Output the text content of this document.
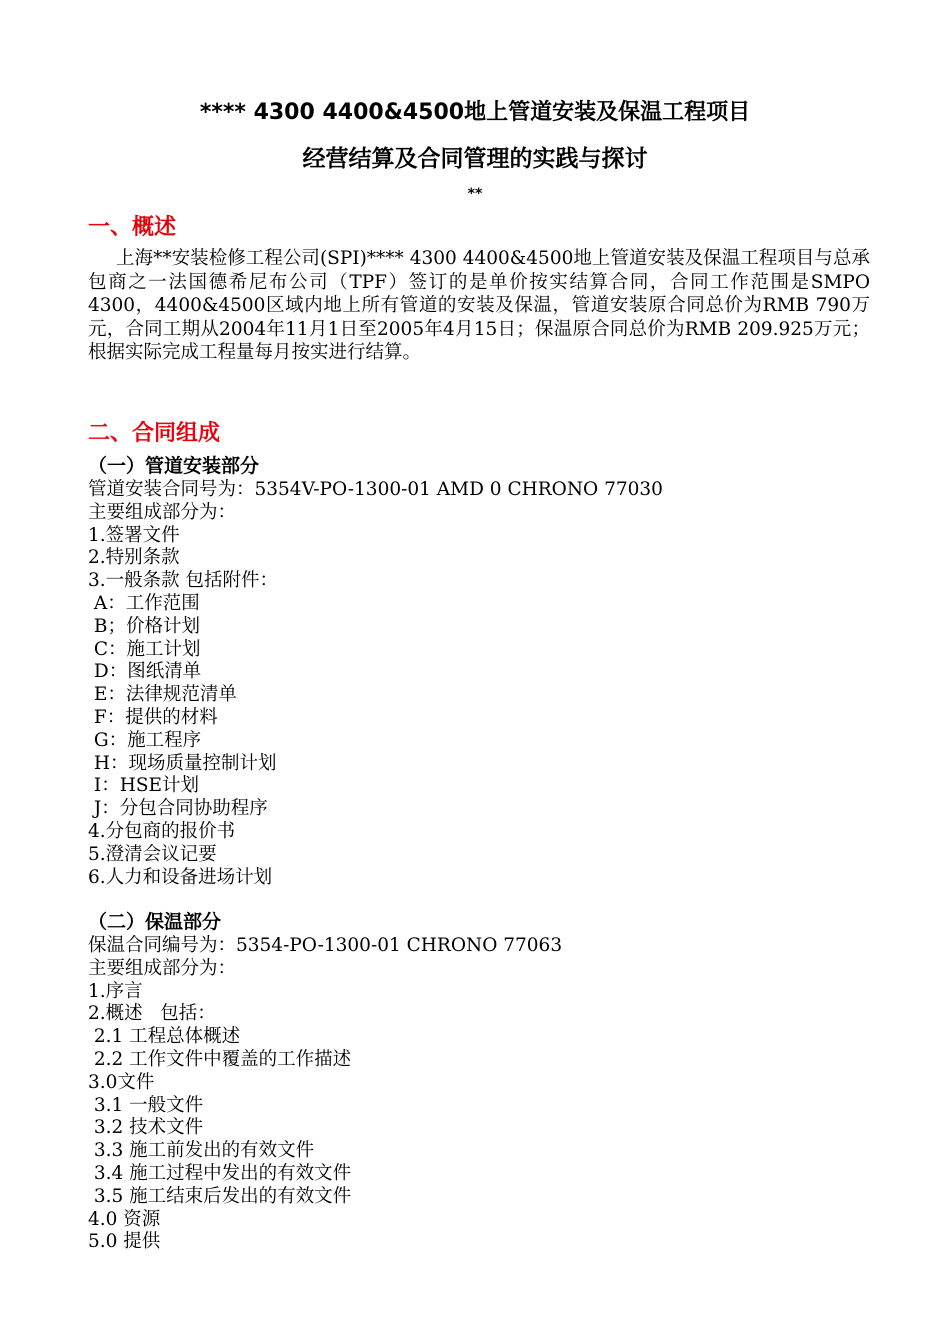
**** 4300 4400&4500地上管道安装及保温工程项目
经营结算及合同管理的实践与探讨
**
一、概述

上海**安装检修工程公司(SPI)**** 4300 4400&4500地上管道安装及保温工程项目与总承包商之一法国德希尼布公司（TPF）签订的是单价按实结算合同，合同工作范围是SMPO 4300，4400&4500区域内地上所有管道的安装及保温，管道安装原合同总价为RMB 790万元，合同工期从2004年11月1日至2005年4月15日；保温原合同总价为RMB 209.925万元；根据实际完成工程量每月按实进行结算。

二、合同组成
（一）管道安装部分
管道安装合同号为：5354V-PO-1300-01 AMD 0 CHRONO 77030
主要组成部分为：
1.签署文件
2.特别条款
3.一般条款 包括附件：
A：工作范围
B；价格计划
C：施工计划
D：图纸清单
E：法律规范清单
F：提供的材料
G：施工程序
H：现场质量控制计划
I：HSE计划
J：分包合同协助程序
4.分包商的报价书
5.澄清会议记要
6.人力和设备进场计划
（二）保温部分
保温合同编号为：5354-PO-1300-01 CHRONO 77063
主要组成部分为：
1.序言
2.概述   包括：
2.1 工程总体概述
2.2 工作文件中覆盖的工作描述
3.0文件
3.1 一般文件
3.2 技术文件
3.3 施工前发出的有效文件
3.4 施工过程中发出的有效文件
3.5 施工结束后发出的有效文件
4.0 资源
5.0 提供
